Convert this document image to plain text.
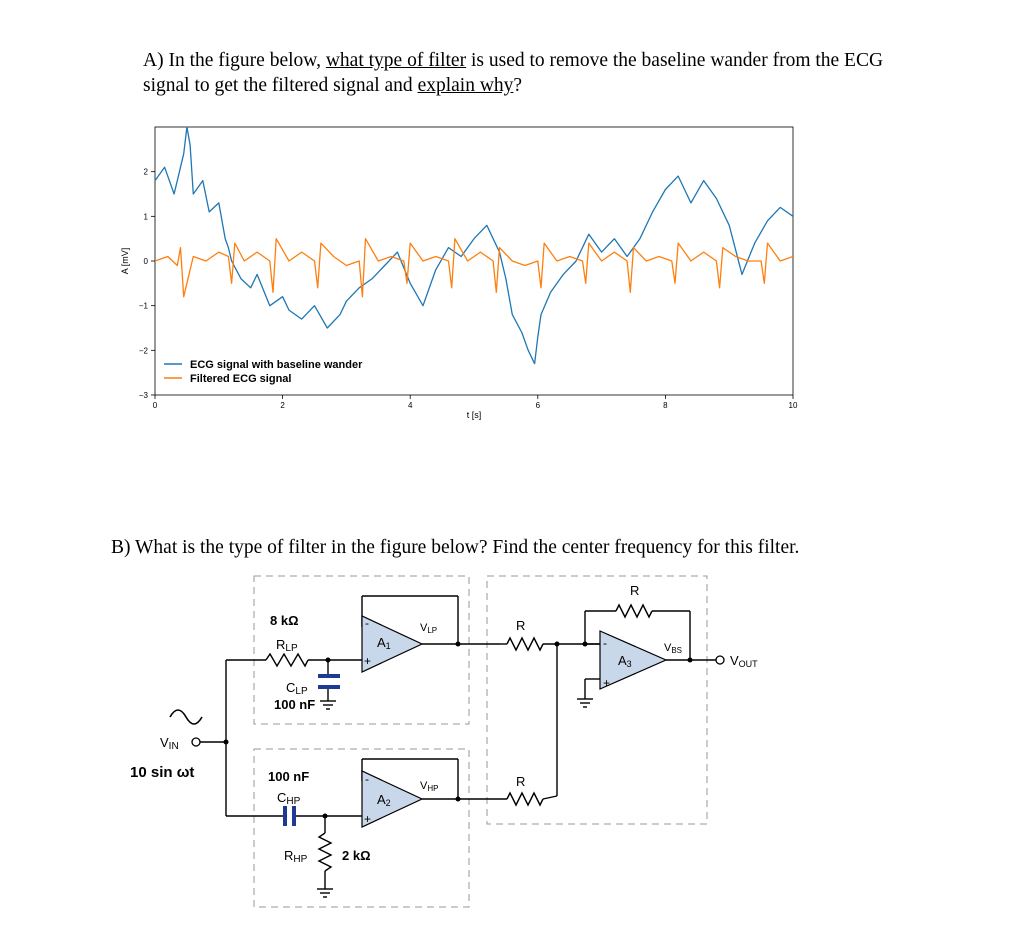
A) In the figure below, what type of filter is used to remove the baseline wander from the ECG
signal to get the filtered signal and explain why?
0	2	4	6	8	10
2
1
0
−1
−2
−3
ECG signal with baseline wander
Filtered ECG signal
t [s]
A [mV]
B) What is the type of filter in the figure below? Find the center frequency for this filter.
VIN
10 sin ωt
8 kΩ
RLP
CLP
100 nF
A1
-
+
VLP
100 nF
CHP	A2
-
+
VHP
RHP	2 kΩ
R
R
R
A3
-
+
VBS
VOUT
